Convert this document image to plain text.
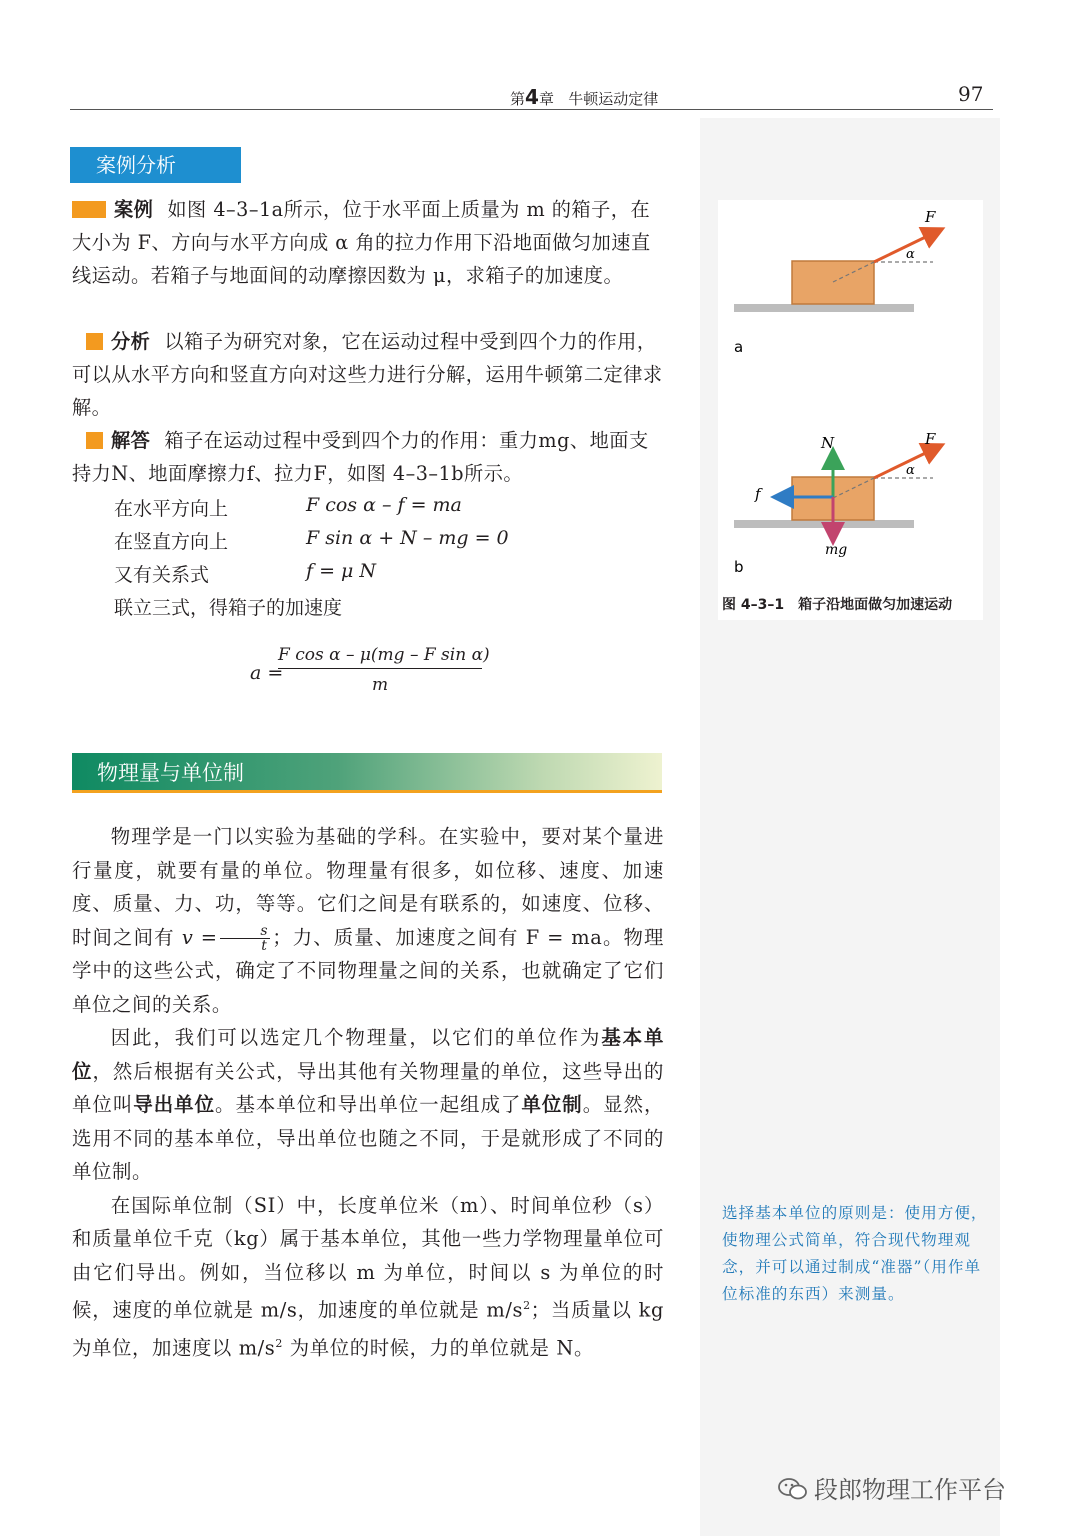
第4章 牛顿运动定律	97
案例分析
案例 如图 4–3–1a所示，位于水平面上质量为 m 的箱子，在大小为 F、方向与水平方向成 α 角的拉力作用下沿地面做匀加速直线运动。若箱子与地面间的动摩擦因数为 μ，求箱子的加速度。
分析 以箱子为研究对象，它在运动过程中受到四个力的作用，可以从水平方向和竖直方向对这些力进行分解，运用牛顿第二定律求解。
解答 箱子在运动过程中受到四个力的作用：重力mg、地面支持力N、地面摩擦力f、拉力F，如图 4–3–1b所示。
在水平方向上	F cos α – f = ma
在竖直方向上	F sin α + N – mg = 0
又有关系式	f = μ N
联立三式，得箱子的加速度
a =
F cos α – μ(mg – F sin α)
m
物理量与单位制

物理学是一门以实验为基础的学科。在实验中，要对某个量进行量度，就要有量的单位。物理量有很多，如位移、速度、加速度、质量、力、功，等等。它们之间是有联系的，如速度、位移、时间之间有 $v = \frac{s}{t}$ ；力、质量、加速度之间有 F = ma。物理学中的这些公式，确定了不同物理量之间的关系，也就确定了它们单位之间的关系。

因此，我们可以选定几个物理量，以它们的单位作为基本单位，然后根据有关公式，导出其他有关物理量的单位，这些导出的单位叫导出单位。基本单位和导出单位一起组成了单位制。显然，选用不同的基本单位，导出单位也随之不同，于是就形成了不同的单位制。

在国际单位制（SI）中，长度单位米（m）、时间单位秒（s）和质量单位千克（kg）属于基本单位，其他一些力学物理量单位可由它们导出。例如，当位移以 m 为单位，时间以 s 为单位的时候，速度的单位就是 m/s，加速度的单位就是 $m/s^2$；当质量以 kg 为单位，加速度以 $m/s^2$ 为单位的时候，力的单位就是 N。

F
α
a
N	F
α
f
mg
b
图 4–3–1　箱子沿地面做匀加速运动
选择基本单位的原则是：使用方便，使物理公式简单，符合现代物理观念，并可以通过制成“准器”（用作单位标准的东西）来测量。
段郎物理工作平台
